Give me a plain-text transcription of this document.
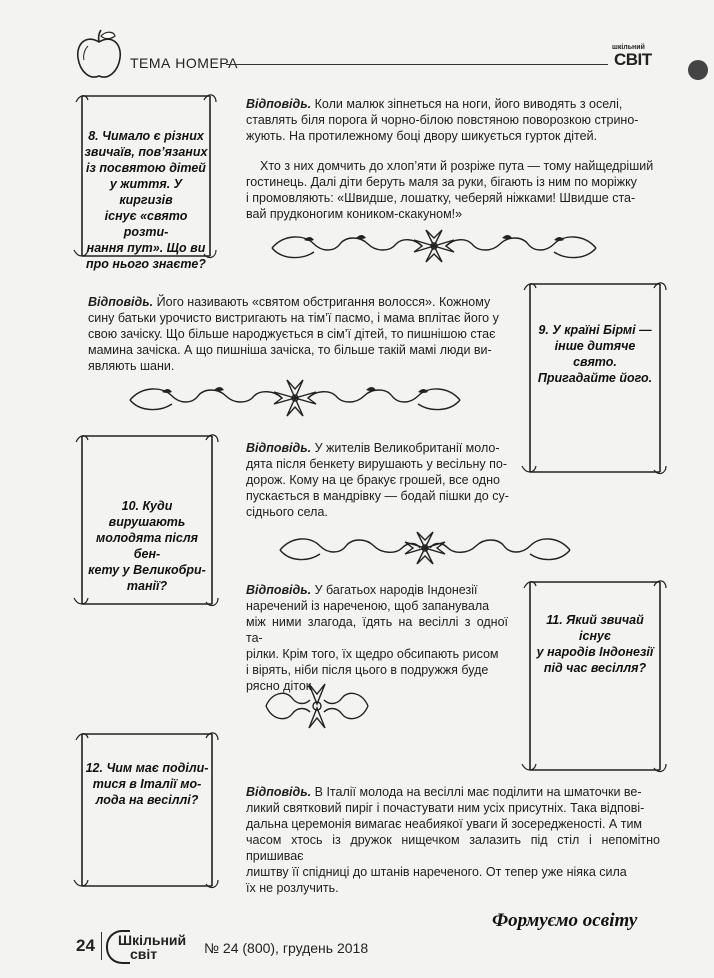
ТЕМА НОМЕРА
шкільний
СВІТ
8. Чимало є різних
звичаїв, пов’язаних
із посвятою дітей
у життя. У киргизів
існує «свято розти-
нання пут». Що ви
про нього знаєте?
Відповідь. Коли малюк зіпнеться на ноги, його виводять з оселі,
ставлять біля порога й чорно-білою повстяною поворозкою стрино-
жують. На протилежному боці двору шикується гурток дітей.
Хто з них домчить до хлоп’яти й розріже пута — тому найщедріший
гостинець. Далі діти беруть маля за руки, бігають із ним по моріжку
і промовляють: «Швидше, лошатку, чеберяй ніжками! Швидше ста-
вай прудконогим коником-скакуном!»
Відповідь. Його називають «святом обстригання волосся». Кожному
сину батьки урочисто вистригають на тім’ї пасмо, і мама вплітає його у
свою зачіску. Що більше народжується в сім’ї дітей, то пишнішою стає
мамина зачіска. А що пишніша зачіска, то більше такій мамі люди ви-
являють шани.
9. У країні Бірмі —
інше дитяче свято.
Пригадайте його.
10. Куди вирушають
молодята після бен-
кету у Великобри-
танії?
Відповідь. У жителів Великобританії моло-
дята після бенкету вирушають у весільну по-
дорож. Кому на це бракує грошей, все одно
пускається в мандрівку — бодай пішки до су-
сіднього села.
Відповідь. У багатьох народів Індонезії
наречений із нареченою, щоб запанувала
між ними злагода, їдять на весіллі з одної та-
рілки. Крім того, їх щедро обсипають рисом
і вірять, ніби після цього в подружжя буде
рясно діток.
11. Який звичай існує
у народів Індонезії
під час весілля?
12. Чим має поділи-
тися в Італії мо-
лода на весіллі?
Відповідь. В Італії молода на весіллі має поділити на шматочки ве-
ликий святковий пиріг і почастувати ним усіх присутніх. Така відпові-
дальна церемонія вимагає неабиякої уваги й зосередженості. А тим
часом хтось із дружок нищечком залазить під стіл і непомітно пришиває
лиштву її спідниці до штанів нареченого. От тепер уже ніяка сила
їх не розлучить.
Формуємо освіту
24 Шкільний
світ	№ 24 (800), грудень 2018
